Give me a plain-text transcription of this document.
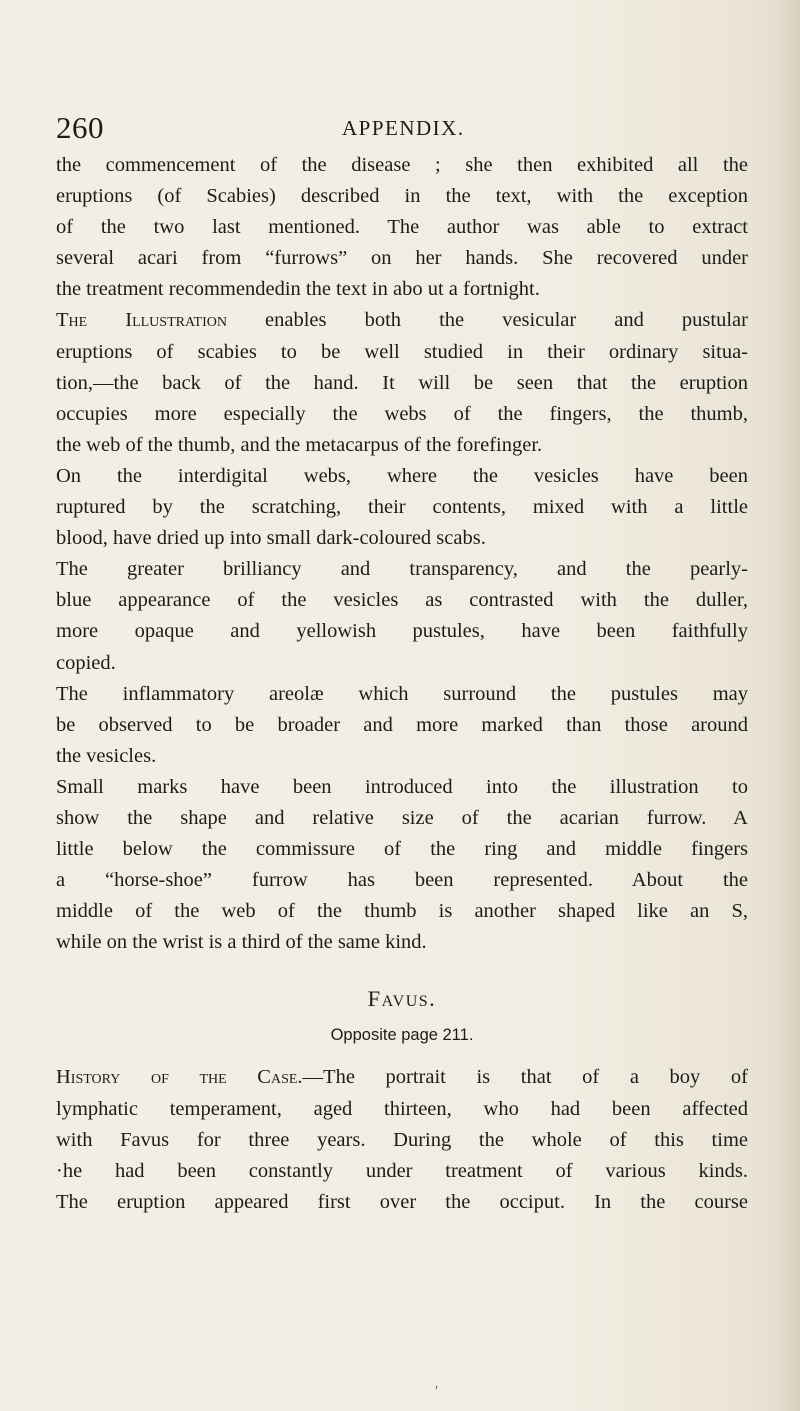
260	APPENDIX.

the commencement of the disease ; she then exhibited all the
eruptions (of Scabies) described in the text, with the exception
of the two last mentioned. The author was able to extract
several acari from “furrows” on her hands. She recovered under
the treatment recommendedin the text in abo ut a fortnight.

The Illustration enables both the vesicular and pustular
eruptions of scabies to be well studied in their ordinary situa-
tion,—the back of the hand. It will be seen that the eruption
occupies more especially the webs of the fingers, the thumb,
the web of the thumb, and the metacarpus of the forefinger.

On the interdigital webs, where the vesicles have been
ruptured by the scratching, their contents, mixed with a little
blood, have dried up into small dark-coloured scabs.

The greater brilliancy and transparency, and the pearly-
blue appearance of the vesicles as contrasted with the duller,
more opaque and yellowish pustules, have been faithfully
copied.

The inflammatory areolæ which surround the pustules may
be observed to be broader and more marked than those around
the vesicles.

Small marks have been introduced into the illustration to
show the shape and relative size of the acarian furrow. A
little below the commissure of the ring and middle fingers
a “horse-shoe” furrow has been represented. About the
middle of the web of the thumb is another shaped like an S,
while on the wrist is a third of the same kind.

Favus.
Opposite page 211.

History of the Case.—The portrait is that of a boy of
lymphatic temperament, aged thirteen, who had been affected
with Favus for three years. During the whole of this time
·he had been constantly under treatment of various kinds.
The eruption appeared first over the occiput. In the course

′
